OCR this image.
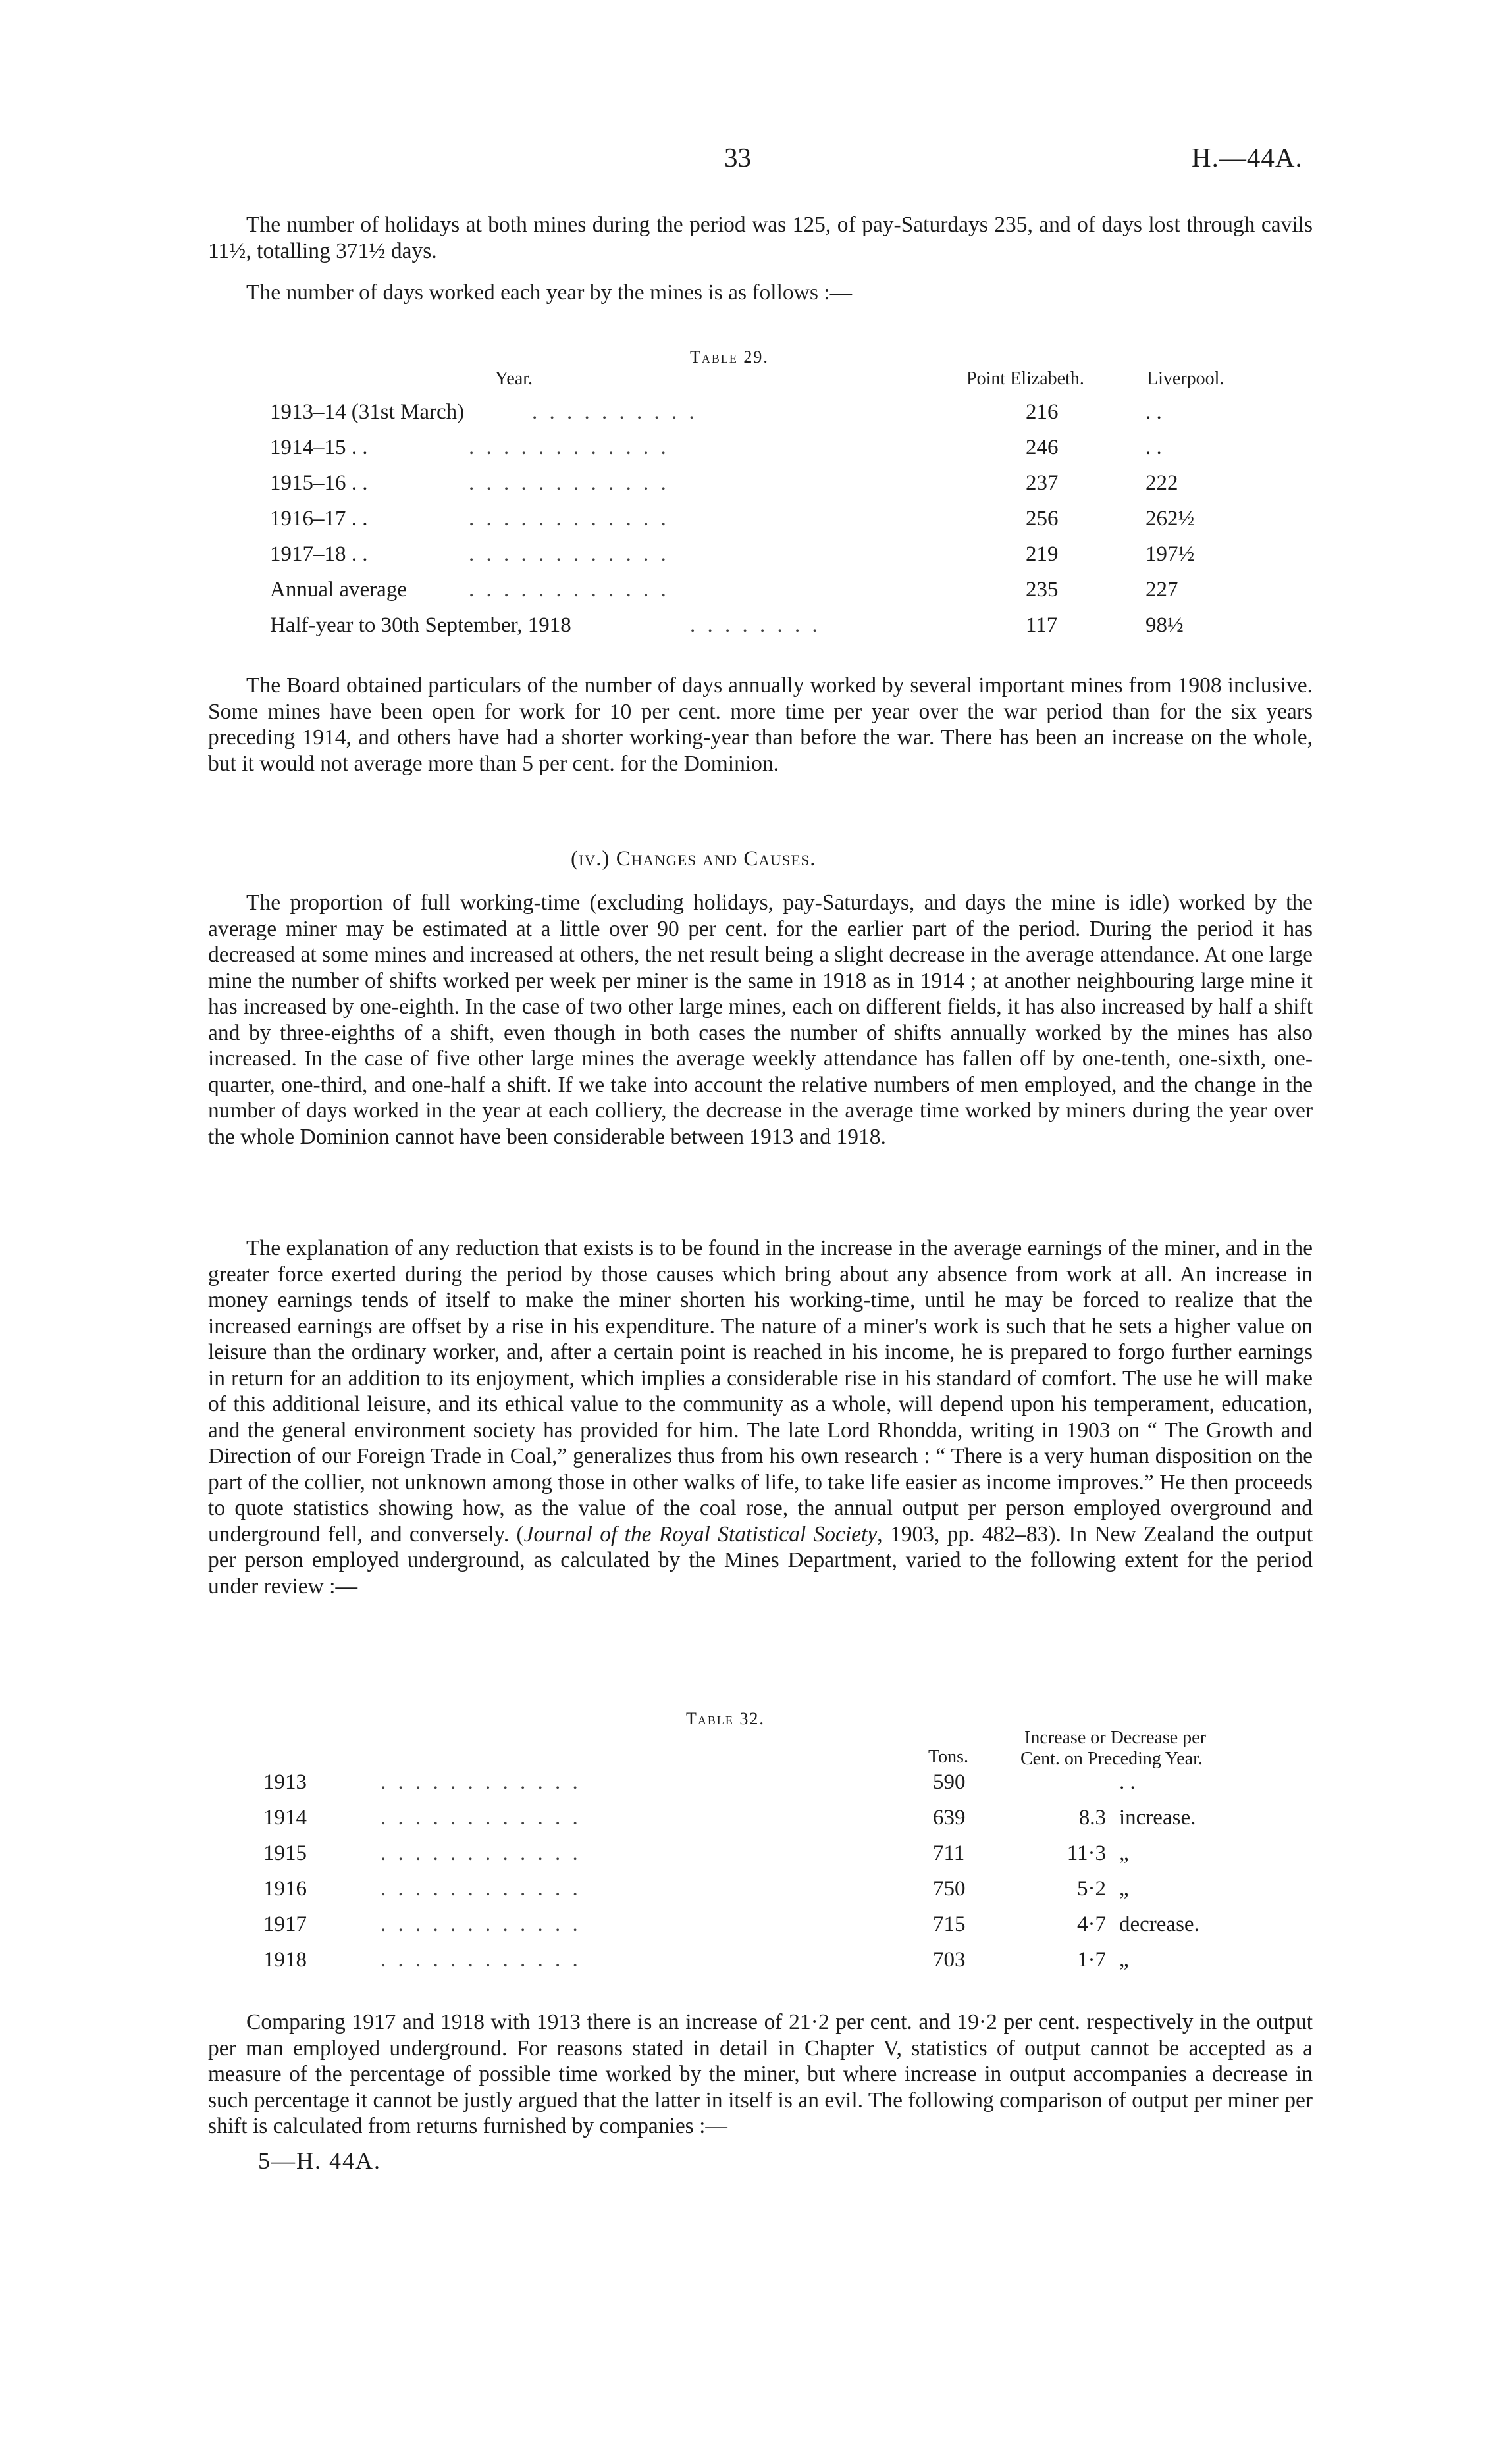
33	H.—44A.

The number of holidays at both mines during the period was 125, of pay-Saturdays 235, and of days lost through cavils 11½, totalling 371½ days.

The number of days worked each year by the mines is as follows :—

Table 29.
Year.	Point Elizabeth.	Liverpool.
1913–14 (31st March)	. . . . . . . . . .	216	. .
1914–15 . .	. . . . . . . . . . . .	246	. .
1915–16 . .	. . . . . . . . . . . .	237	222
1916–17 . .	. . . . . . . . . . . .	256	262½
1917–18 . .	. . . . . . . . . . . .	219	197½
Annual average	. . . . . . . . . . . .	235	227
Half-year to 30th September, 1918	. . . . . . . .	117	98½

The Board obtained particulars of the number of days annually worked by several important mines from 1908 inclusive. Some mines have been open for work for 10 per cent. more time per year over the war period than for the six years preceding 1914, and others have had a shorter working-year than before the war. There has been an increase on the whole, but it would not average more than 5 per cent. for the Dominion.

(iv.) Changes and Causes.

The proportion of full working-time (excluding holidays, pay-Saturdays, and days the mine is idle) worked by the average miner may be estimated at a little over 90 per cent. for the earlier part of the period. During the period it has decreased at some mines and increased at others, the net result being a slight decrease in the average attendance. At one large mine the number of shifts worked per week per miner is the same in 1918 as in 1914 ; at another neighbouring large mine it has increased by one-eighth. In the case of two other large mines, each on different fields, it has also increased by half a shift and by three-eighths of a shift, even though in both cases the number of shifts annually worked by the mines has also increased. In the case of five other large mines the average weekly attendance has fallen off by one-tenth, one-sixth, one-quarter, one-third, and one-half a shift. If we take into account the relative numbers of men employed, and the change in the number of days worked in the year at each colliery, the decrease in the average time worked by miners during the year over the whole Dominion cannot have been considerable between 1913 and 1918.

The explanation of any reduction that exists is to be found in the increase in the average earnings of the miner, and in the greater force exerted during the period by those causes which bring about any absence from work at all. An increase in money earnings tends of itself to make the miner shorten his working-time, until he may be forced to realize that the increased earnings are offset by a rise in his expenditure. The nature of a miner's work is such that he sets a higher value on leisure than the ordinary worker, and, after a certain point is reached in his income, he is prepared to forgo further earnings in return for an addition to its enjoyment, which implies a considerable rise in his standard of comfort. The use he will make of this additional leisure, and its ethical value to the community as a whole, will depend upon his temperament, education, and the general environment society has provided for him. The late Lord Rhondda, writing in 1903 on “ The Growth and Direction of our Foreign Trade in Coal,” generalizes thus from his own research : “ There is a very human disposition on the part of the collier, not unknown among those in other walks of life, to take life easier as income improves.” He then proceeds to quote statistics showing how, as the value of the coal rose, the annual output per person employed overground and underground fell, and conversely. (Journal of the Royal Statistical Society, 1903, pp. 482–83). In New Zealand the output per person employed underground, as calculated by the Mines Department, varied to the following extent for the period under review :—

Table 32.
Tons.
Increase or Decrease per
Cent. on Preceding Year.
1913	. . . . . . . . . . . .	590	. .
1914	. . . . . . . . . . . .	639	8.3 increase.
1915	. . . . . . . . . . . .	711	11·3 „
1916	. . . . . . . . . . . .	750	5·2 „
1917	. . . . . . . . . . . .	715	4·7 decrease.
1918	. . . . . . . . . . . .	703	1·7 „

Comparing 1917 and 1918 with 1913 there is an increase of 21·2 per cent. and 19·2 per cent. respectively in the output per man employed underground. For reasons stated in detail in Chapter V, statistics of output cannot be accepted as a measure of the percentage of possible time worked by the miner, but where increase in output accompanies a decrease in such percentage it cannot be justly argued that the latter in itself is an evil. The following comparison of output per miner per shift is calculated from returns furnished by companies :—

5—H. 44A.
